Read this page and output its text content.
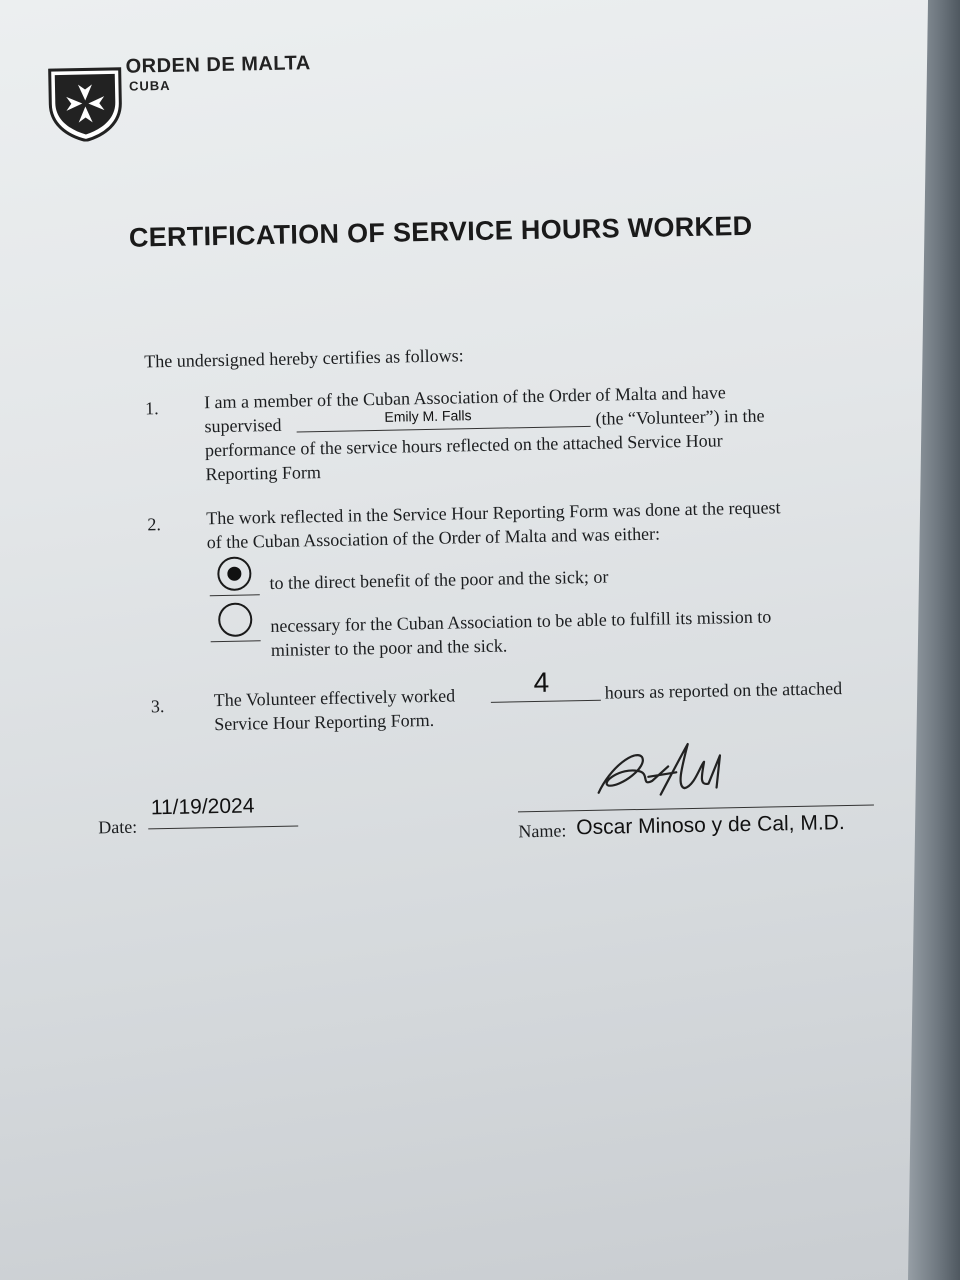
ORDEN DE MALTA
CUBA
CERTIFICATION OF SERVICE HOURS WORKED
The undersigned hereby certifies as follows:
1.	I am a member of the Cuban Association of the Order of Malta and have
supervised	Emily M. Falls	(the “Volunteer”) in the
performance of the service hours reflected on the attached Service Hour
Reporting Form
2.	The work reflected in the Service Hour Reporting Form was done at the request
of the Cuban Association of the Order of Malta and was either:
to the direct benefit of the poor and the sick; or
necessary for the Cuban Association to be able to fulfill its mission to
minister to the poor and the sick.
3.	The Volunteer effectively worked	4	hours as reported on the attached
Service Hour Reporting Form.
Date:
11/19/2024
Name: Oscar Minoso y de Cal, M.D.
